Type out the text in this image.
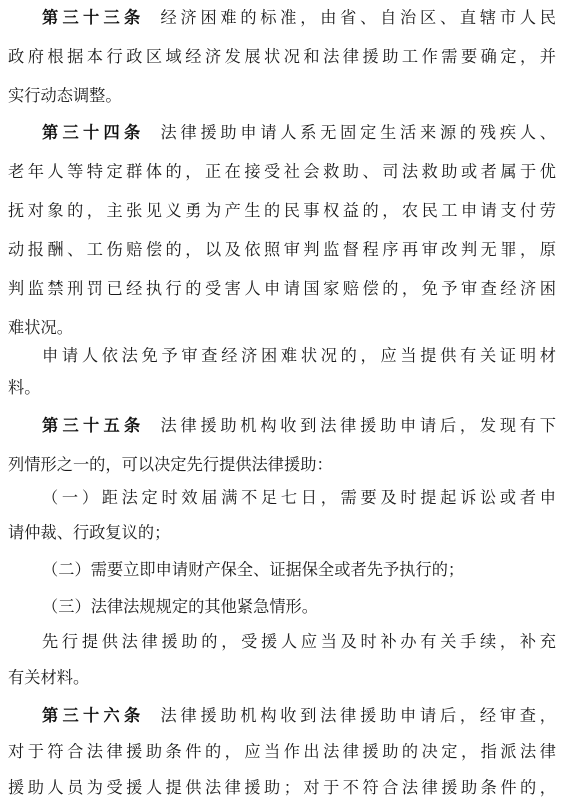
第三十三条 经济困难的标准，由省、自治区、直辖市人民
政府根据本行政区域经济发展状况和法律援助工作需要确定，并
实行动态调整。
第三十四条 法律援助申请人系无固定生活来源的残疾人、
老年人等特定群体的，正在接受社会救助、司法救助或者属于优
抚对象的，主张见义勇为产生的民事权益的，农民工申请支付劳
动报酬、工伤赔偿的，以及依照审判监督程序再审改判无罪，原
判监禁刑罚已经执行的受害人申请国家赔偿的，免予审查经济困
难状况。
申请人依法免予审查经济困难状况的，应当提供有关证明材
料。
第三十五条 法律援助机构收到法律援助申请后，发现有下
列情形之一的，可以决定先行提供法律援助：
（一）距法定时效届满不足七日，需要及时提起诉讼或者申
请仲裁、行政复议的；
（二）需要立即申请财产保全、证据保全或者先予执行的；
（三）法律法规规定的其他紧急情形。
先行提供法律援助的，受援人应当及时补办有关手续，补充
有关材料。
第三十六条 法律援助机构收到法律援助申请后，经审查，
对于符合法律援助条件的，应当作出法律援助的决定，指派法律
援助人员为受援人提供法律援助；对于不符合法律援助条件的，
